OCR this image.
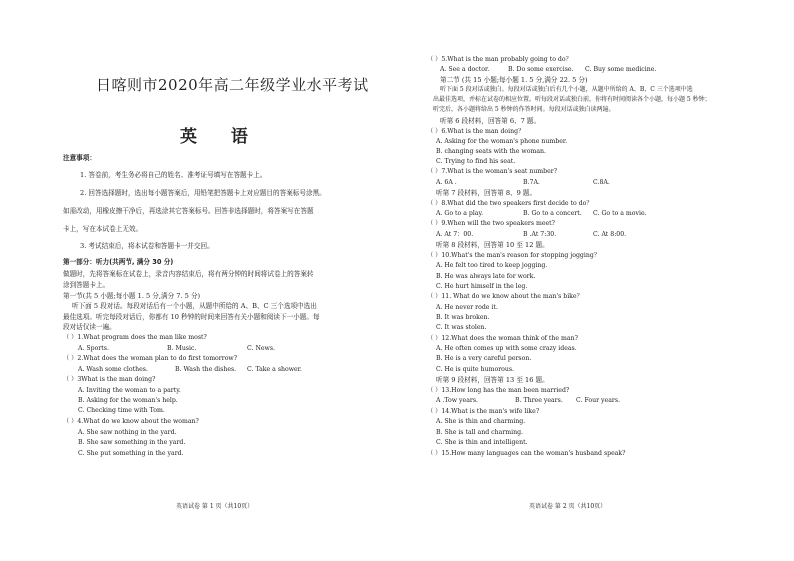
日喀则市2020年高二年级学业水平考试
英 语
注意事项：
1. 答卷前，考生务必将自己的姓名、准考证号填写在答题卡上。
2. 回答选择题时，选出每小题答案后，用铅笔把答题卡上对应题目的答案标号涂黑。
如需改动，用橡皮擦干净后，再选涂其它答案标号。回答非选择题时，将答案写在答题
卡上，写在本试卷上无效。
3. 考试结束后，将本试卷和答题卡一并交回。
第一部分：听力(共两节, 满分 30 分)
做题时，先将答案标在试卷上，录音内容结束后，将有两分钟的时间将试卷上的答案转
涂到答题卡上。
第一节(共 5 小题;每小题 1. 5 分,满分 7. 5 分)
听下面 5 段对话。每段对话后有一个小题，从题中所给的 A、B、C 三个选项中选出
最佳选项。听完每段对话后，你都有 10 秒钟的时间来回答有关小题和阅读下一小题。每
段对话仅读一遍。
（ ）1.What program does the man like most?
A. Sports.	B. Music.	C. News.
（ ）2.What does the woman plan to do first tomorrow?
A. Wash some clothes.	B. Wash the dishes. C. Take a shower.
（ ）3What is the man doing?
A. Inviting the woman to a party.
B. Asking for the woman's help.
C. Checking time with Tom.
（ ）4.What do we know about the woman?
A. She saw nothing in the yard.
B. She saw something in the yard.
C. She put something in the yard.
英语试卷 第 1 页（共10页）
（ ）5.What is the man probably going to do？
A. See a doctor.	B. Do some exercise. C. Buy some medicine.
第二节 (共 15 小题;每小题 1. 5 分,满分 22. 5 分)
听下面 5 段对话或独白。每段对话或独白后有几个小题，从题中所给的 A、B、C 三个选项中选
出最佳选项，并标在试卷的相应位置。听每段对话或独白前，你将有时间阅读各个小题，每小题 5 秒钟；
听完后，各小题将给出 5 秒钟的作答时间。每段对话或独白读两遍。
听第 6 段材料，回答第 6、7 题。
（ ）6.What is the man doing？
A. Asking for the woman's phone number.
B. changing seats with the woman.
C. Trying to find his seat.
（ ）7.What is the woman's seat number?
A. 6A .	B.7A.	C.8A.
听第 7 段材料，回答第 8、9 题。
（ ）8.What did the two speakers first decide to do？
A. Go to a play.	B. Go to a concert. C. Go to a movie.
（ ）9.When will the two speakers meet?
A. At 7：00.	B .At 7:30.	C. At 8:00.
听第 8 段材料，回答第 10 至 12 题。
（ ）10.What's the man's reason for stopping jogging？
A. He felt too tired to keep jogging.
B. He was always late for work.
C. He hurt himself in the leg.
（ ）11. What do we know about the man's bike？
A. He never rode it.
B. It was broken.
C. It was stolen.
（ ）12.What does the woman think of the man?
A. He often comes up with some crazy ideas.
B. He is a very careful person.
C. He is quite humorous.
听第 9 段材料，回答第 13 至 16 题。
（ ）13.How long has the man been married?
A .Tow years.	B. Three years. C. Four years.
（ ）14.What is the man's wife like?
A. She is thin and charming.
B. She is tall and charming.
C. She is thin and intelligent.
（ ）15.How many languages can the woman's husband speak?
英语试卷 第 2 页（共10页）
